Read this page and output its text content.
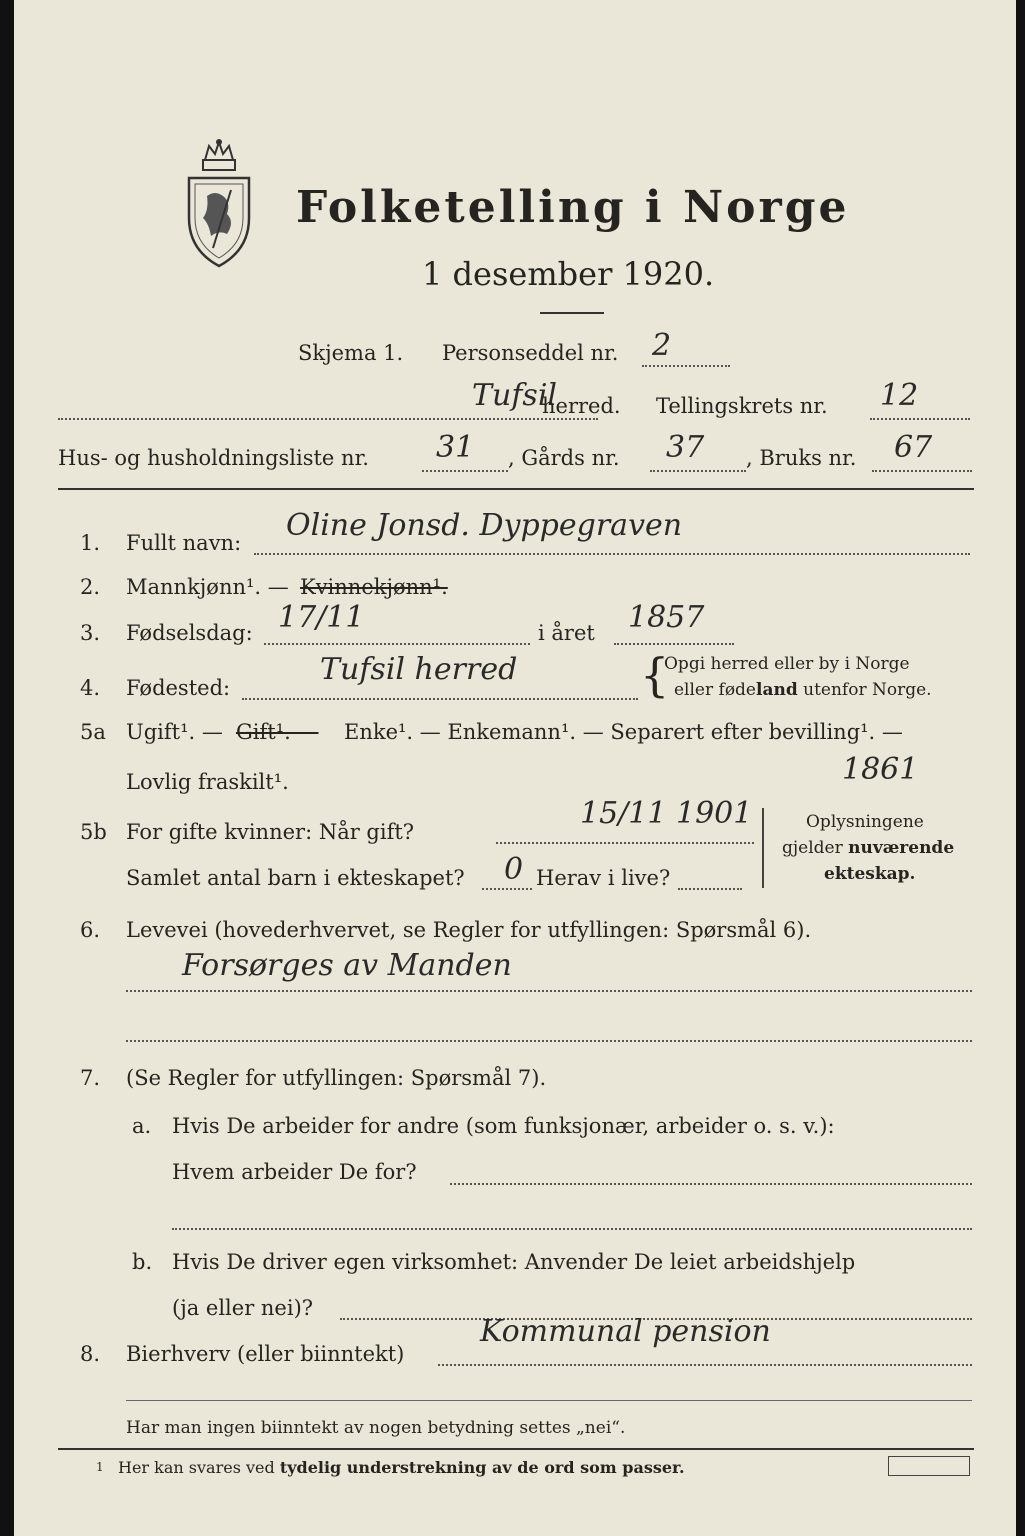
Folketelling i Norge
1 desember 1920.
Skjema 1. Personseddel nr. 2
Tufsil
herred. Tellingskrets nr. 12
Hus- og husholdningsliste nr. 31 , Gårds nr. 37 , Bruks nr. 67
1. Fullt navn: Oline Jonsd. Dyppegraven
2. Mannkjønn¹. — Kvinnekjønn¹.
3. Fødselsdag: 17/11	i året 1857
4. Fødested:
Tufsil herred	{
Opgi herred eller by i Norge
eller fødeland utenfor Norge.
5a Ugift¹. — Gift¹. — Enke¹. — Enkemann¹. — Separert efter bevilling¹. —
Lovlig fraskilt¹.	1861
5b For gifte kvinner: Når gift?
15/11 1901
Samlet antal barn i ekteskapet? 0 Herav i live?
Oplysningene
gjelder nuværende
ekteskap.
6. Levevei (hovederhvervet, se Regler for utfyllingen: Spørsmål 6).
Forsørges av Manden
7. (Se Regler for utfyllingen: Spørsmål 7).
a. Hvis De arbeider for andre (som funksjonær, arbeider o. s. v.):
Hvem arbeider De for?
b. Hvis De driver egen virksomhet: Anvender De leiet arbeidshjelp
(ja eller nei)?
8. Bierhverv (eller biinntekt)
Kommunal pension
Har man ingen biinntekt av nogen betydning settes „nei“.
1 Her kan svares ved tydelig understrekning av de ord som passer.
